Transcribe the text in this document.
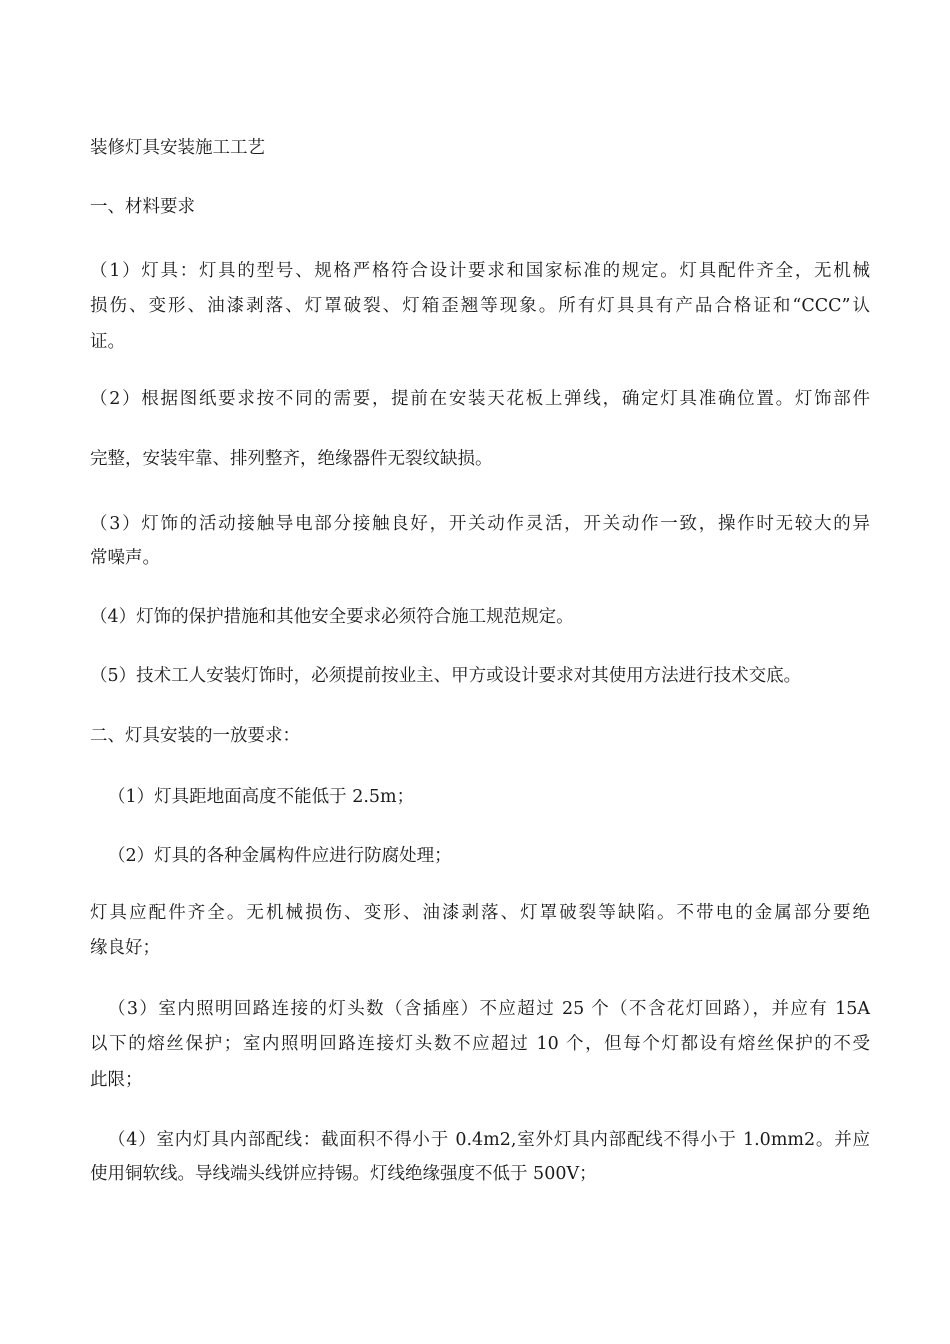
装修灯具安装施工工艺
一、材料要求
（1）灯具：灯具的型号、规格严格符合设计要求和国家标准的规定。灯具配件齐全，无机械
损伤、变形、油漆剥落、灯罩破裂、灯箱歪翘等现象。所有灯具具有产品合格证和“CCC”认
证。
（2）根据图纸要求按不同的需要，提前在安装天花板上弹线，确定灯具准确位置。灯饰部件
完整，安装牢靠、排列整齐，绝缘器件无裂纹缺损。
（3）灯饰的活动接触导电部分接触良好，开关动作灵活，开关动作一致，操作时无较大的异
常噪声。
（4）灯饰的保护措施和其他安全要求必须符合施工规范规定。
（5）技术工人安装灯饰时，必须提前按业主、甲方或设计要求对其使用方法进行技术交底。
二、灯具安装的一放要求：
（1）灯具距地面高度不能低于 2.5m；
（2）灯具的各种金属构件应进行防腐处理；
灯具应配件齐全。无机械损伤、变形、油漆剥落、灯罩破裂等缺陷。不带电的金属部分要绝
缘良好；
（3）室内照明回路连接的灯头数（含插座）不应超过 25 个（不含花灯回路），并应有 15A
以下的熔丝保护；室内照明回路连接灯头数不应超过 10 个，但每个灯都设有熔丝保护的不受
此限；
（4）室内灯具内部配线：截面积不得小于 0.4m2,室外灯具内部配线不得小于 1.0mm2。并应
使用铜软线。导线端头线饼应持锡。灯线绝缘强度不低于 500V；
